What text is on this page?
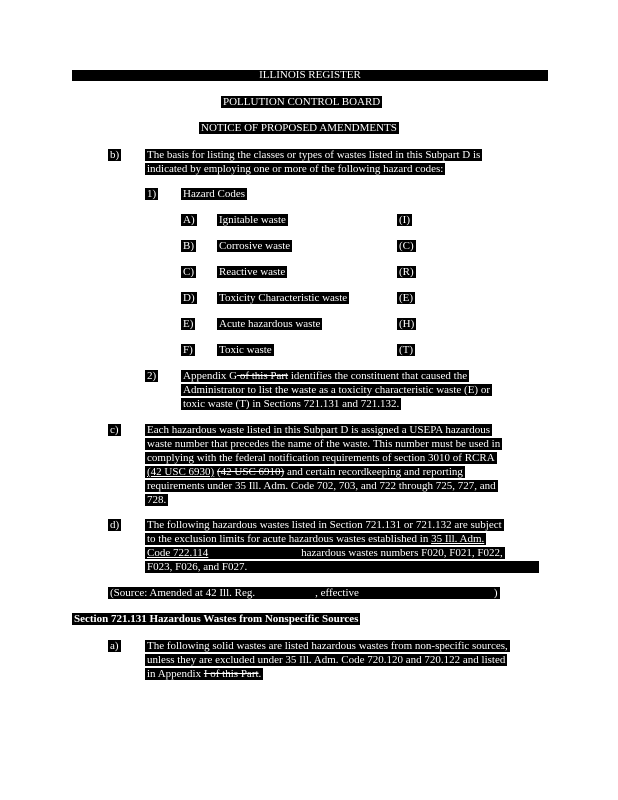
ILLINOIS REGISTER
POLLUTION CONTROL BOARD
NOTICE OF PROPOSED AMENDMENTS
b)	The basis for listing the classes or types of wastes listed in this Subpart D is
indicated by employing one or more of the following hazard codes:
1) Hazard Codes
A) Ignitable waste	(I)
B) Corrosive waste	(C)
C) Reactive waste	(R)
D) Toxicity Characteristic waste	(E)
E) Acute hazardous waste	(H)
F) Toxic waste	(T)
2) Appendix G of this Part identifies the constituent that caused the
Administrator to list the waste as a toxicity characteristic waste (E) or
toxic waste (T) in Sections 721.131 and 721.132.
c)	Each hazardous waste listed in this Subpart D is assigned a USEPA hazardous
waste number that precedes the name of the waste. This number must be used in
complying with the federal notification requirements of section 3010 of RCRA
(42 USC 6930) (42 USC 6910) and certain recordkeeping and reporting
requirements under 35 Ill. Adm. Code 702, 703, and 722 through 725, 727, and
728.
d)	The following hazardous wastes listed in Section 721.131 or 721.132 are subject
to the exclusion limits for acute hazardous wastes established in 35 Ill. Adm.
Code 722.114	hazardous wastes numbers F020, F021, F022,
F023, F026, and F027.
(Source: Amended at 42 Ill. Reg.	, effective	)
Section 721.131 Hazardous Wastes from Nonspecific Sources
a)	The following solid wastes are listed hazardous wastes from non-specific sources,
unless they are excluded under 35 Ill. Adm. Code 720.120 and 720.122 and listed
in Appendix I of this Part.
